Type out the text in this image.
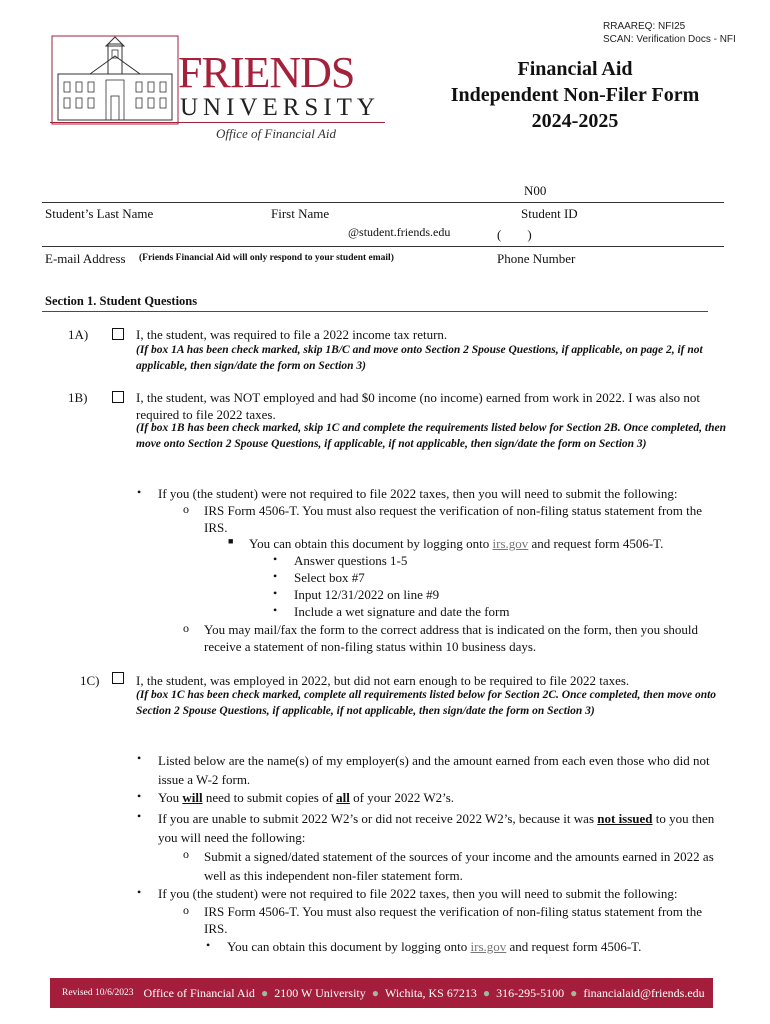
RRAAREQ: NFI25
SCAN: Verification Docs - NFI
FRIENDS
UNIVERSITY
Office of Financial Aid
Financial Aid
Independent Non-Filer Form
2024-2025
N00
Student’s Last Name	First Name	Student ID
@student.friends.edu	(        )
E-mail Address (Friends Financial Aid will only respond to your student email)	Phone Number
Section 1. Student Questions
1A)	I, the student, was required to file a 2022 income tax return.
(If box 1A has been check marked, skip 1B/C and move onto Section 2 Spouse Questions, if applicable, on page 2, if not applicable, then sign/date the form on Section 3)
1B)	I, the student, was NOT employed and had $0 income (no income) earned from work in 2022. I was also not required to file 2022 taxes.
(If box 1B has been check marked, skip 1C and complete the requirements listed below for Section 2B. Once completed, then move onto Section 2 Spouse Questions, if applicable, if not applicable, then sign/date the form on Section 3)
• If you (the student) were not required to file 2022 taxes, then you will need to submit the following:
o IRS Form 4506-T. You must also request the verification of non-filing status statement from the IRS.
■ You can obtain this document by logging onto irs.gov and request form 4506-T.
• Answer questions 1-5
• Select box #7
• Input 12/31/2022 on line #9
• Include a wet signature and date the form
o You may mail/fax the form to the correct address that is indicated on the form, then you should receive a statement of non-filing status within 10 business days.
1C)	I, the student, was employed in 2022, but did not earn enough to be required to file 2022 taxes.
(If box 1C has been check marked, complete all requirements listed below for Section 2C. Once completed, then move onto Section 2 Spouse Questions, if applicable, if not applicable, then sign/date the form on Section 3)
• Listed below are the name(s) of my employer(s) and the amount earned from each even those who did not issue a W-2 form.
• You will need to submit copies of all of your 2022 W2’s.
• If you are unable to submit 2022 W2’s or did not receive 2022 W2’s, because it was not issued to you then you will need the following:
o Submit a signed/dated statement of the sources of your income and the amounts earned in 2022 as well as this independent non-filer statement form.
• If you (the student) were not required to file 2022 taxes, then you will need to submit the following:
o IRS Form 4506-T. You must also request the verification of non-filing status statement from the IRS.
• You can obtain this document by logging onto irs.gov and request form 4506-T.
Revised 10/6/2023 Office of Financial Aid ● 2100 W University ● Wichita, KS 67213 ● 316-295-5100 ● financialaid@friends.edu
